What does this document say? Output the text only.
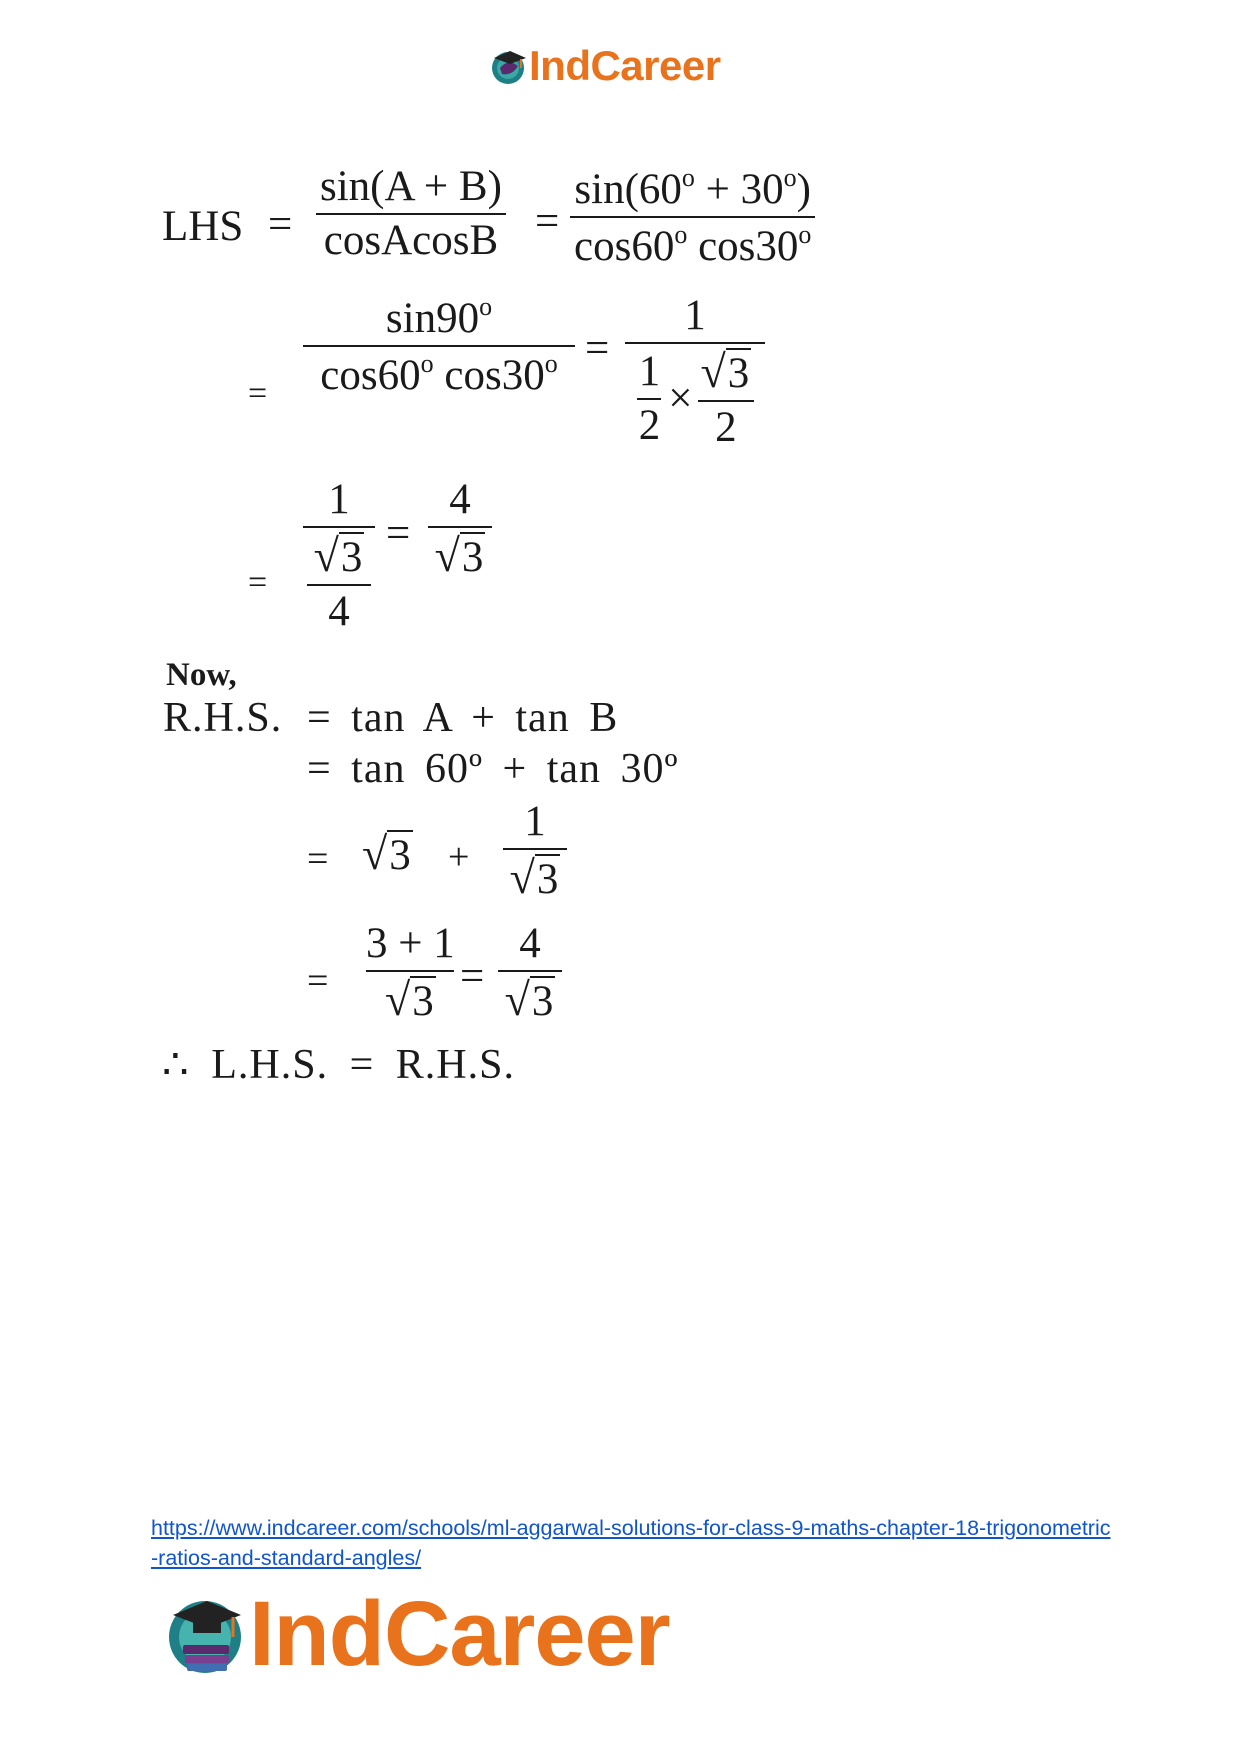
IndCareer
LHS =
sin(A + B)
cosAcosB =
$\sin(60^o + 30^o)$
cos60$^o$ $\cos 30^o$
=
$\sin 90^o$
cos60$^o$ $\cos 30^o$ =
1
$\frac{1}{2} \times \frac{√ 3}{2}$
=
1
√ 3
4
=
4
√ 3
Now,
R.H.S. = tan A + tan B
= tan 60º + tan 30º
= √ 3 +
1
√ 3
=
3 + 1
√ 3
=
4
√ 3
∴ L.H.S. = R.H.S.
https://www.indcareer.com/schools/ml-aggarwal-solutions-for-class-9-maths-chapter-18-trigonometric-ratios-and-standard-angles/
IndCareer
